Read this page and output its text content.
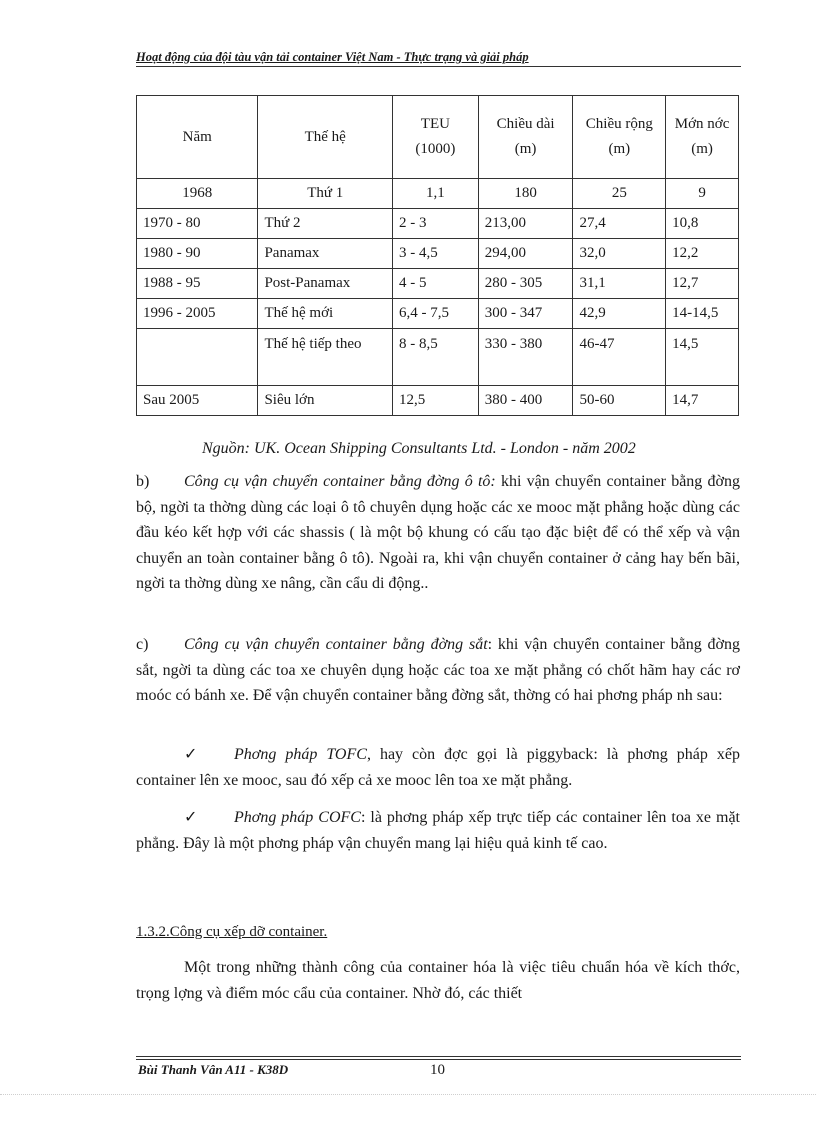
Hoạt động của đội tàu vận tải container Việt Nam - Thực trạng và giải pháp
Năm	Thế hệ	TEU (1000)	Chiều dài (m)	Chiều rộng (m)	Mớn nớc (m)
1968	Thứ 1	1,1	180	25	9
1970 - 80	Thứ 2	2 - 3	213,00	27,4	10,8
1980 - 90	Panamax	3 - 4,5	294,00	32,0	12,2
1988 - 95	Post-Panamax	4 - 5	280 - 305	31,1	12,7
1996 - 2005	Thế hệ mới	6,4 - 7,5	300 - 347	42,9	14-14,5
	Thế hệ tiếp theo	8 - 8,5	330 - 380	46-47	14,5
Sau 2005	Siêu lớn	12,5	380 - 400	50-60	14,7
Nguồn: UK. Ocean Shipping Consultants Ltd. - London - năm 2002
b) Công cụ vận chuyển container bằng đờng ô tô: khi vận chuyển container bằng đờng bộ, ngời ta thờng dùng các loại ô tô chuyên dụng hoặc các xe mooc mặt phẳng hoặc dùng các đầu kéo kết hợp với các shassis ( là một bộ khung có cấu tạo đặc biệt để có thể xếp và vận chuyển an toàn container bằng ô tô). Ngoài ra, khi vận chuyển container ở cảng hay bến bãi, ngời ta thờng dùng xe nâng, cần cẩu di động..
c) Công cụ vận chuyển container bằng đờng sắt: khi vận chuyển container bằng đờng sắt, ngời ta dùng các toa xe chuyên dụng hoặc các toa xe mặt phẳng có chốt hãm hay các rơ moóc có bánh xe. Để vận chuyển container bằng đờng sắt, thờng có hai phơng pháp nh sau:
✓ Phơng pháp TOFC, hay còn đợc gọi là piggyback: là phơng pháp xếp container lên xe mooc, sau đó xếp cả xe mooc lên toa xe mặt phẳng.
✓ Phơng pháp COFC: là phơng pháp xếp trực tiếp các container lên toa xe mặt phẳng. Đây là một phơng pháp vận chuyển mang lại hiệu quả kinh tế cao.
1.3.2.Công cụ xếp dỡ container.
Một trong những thành công của container hóa là việc tiêu chuẩn hóa về kích thớc, trọng lợng và điểm móc cẩu của container. Nhờ đó, các thiết
Bùi Thanh Vân A11 - K38D	10
